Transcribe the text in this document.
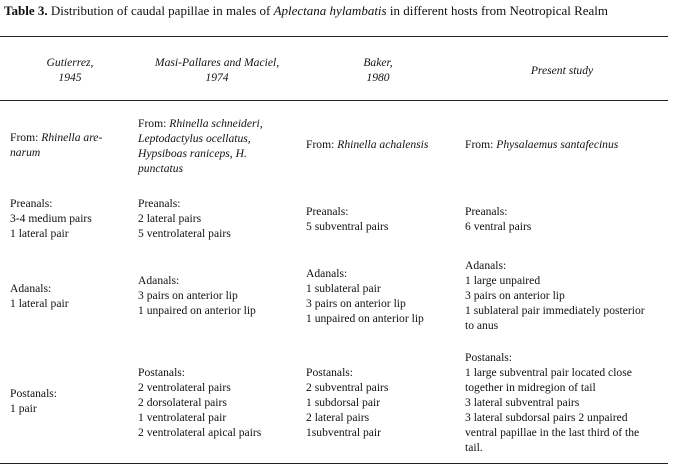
Table 3. Distribution of caudal papillae in males of Aplectana hylambatis in different hosts from Neotropical Realm
Gutierrez,
1945
Masi-Pallares and Maciel,
1974
Baker,
1980
Present study
From: Rhinella are-
narum
From: Rhinella schneideri,
Leptodactylus ocellatus,
Hypsiboas raniceps, H.
punctatus
From: Rhinella achalensis	From: Physalaemus santafecinus
Preanals:
3-4 medium pairs
1 lateral pair
Preanals:
2 lateral pairs
5 ventrolateral pairs
Preanals:
5 subventral pairs
Preanals:
6 ventral pairs
Adanals:
1 lateral pair
Adanals:
3 pairs on anterior lip
1 unpaired on anterior lip
Adanals:
1 sublateral pair
3 pairs on anterior lip
1 unpaired on anterior lip
Adanals:
1 large unpaired
3 pairs on anterior lip
1 sublateral pair immediately posterior
to anus
Postanals:
1 pair
Postanals:
2 ventrolateral pairs
2 dorsolateral pairs
1 ventrolateral pair
2 ventrolateral apical pairs
Postanals:
2 subventral pairs
1 subdorsal pair
2 lateral pairs
1subventral pair
Postanals:
1 large subventral pair located close
together in midregion of tail
3 lateral subventral pairs
3 lateral subdorsal pairs 2 unpaired
ventral papillae in the last third of the
tail.
